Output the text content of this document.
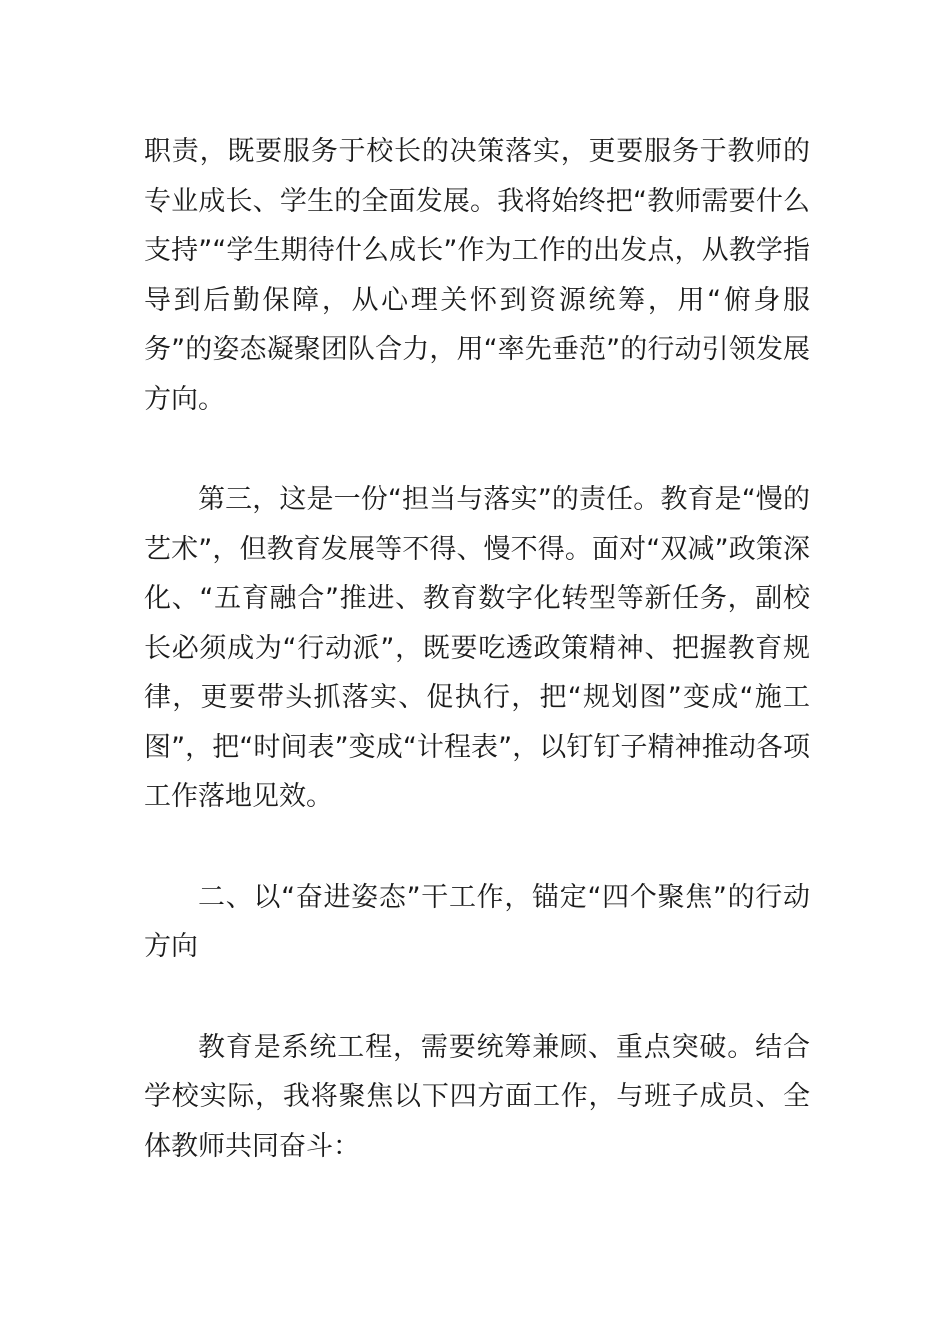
职责，既要服务于校长的决策落实，更要服务于教师的专业成长、学生的全面发展。我将始终把“教师需要什么支持”“学生期待什么成长”作为工作的出发点，从教学指导到后勤保障，从心理关怀到资源统筹，用“俯身服务”的姿态凝聚团队合力，用“率先垂范”的行动引领发展方向。

第三，这是一份“担当与落实”的责任。教育是“慢的艺术”，但教育发展等不得、慢不得。面对“双减”政策深化、“五育融合”推进、教育数字化转型等新任务，副校长必须成为“行动派”，既要吃透政策精神、把握教育规律，更要带头抓落实、促执行，把“规划图”变成“施工图”，把“时间表”变成“计程表”，以钉钉子精神推动各项工作落地见效。

二、以“奋进姿态”干工作，锚定“四个聚焦”的行动方向

教育是系统工程，需要统筹兼顾、重点突破。结合学校实际，我将聚焦以下四方面工作，与班子成员、全体教师共同奋斗：
